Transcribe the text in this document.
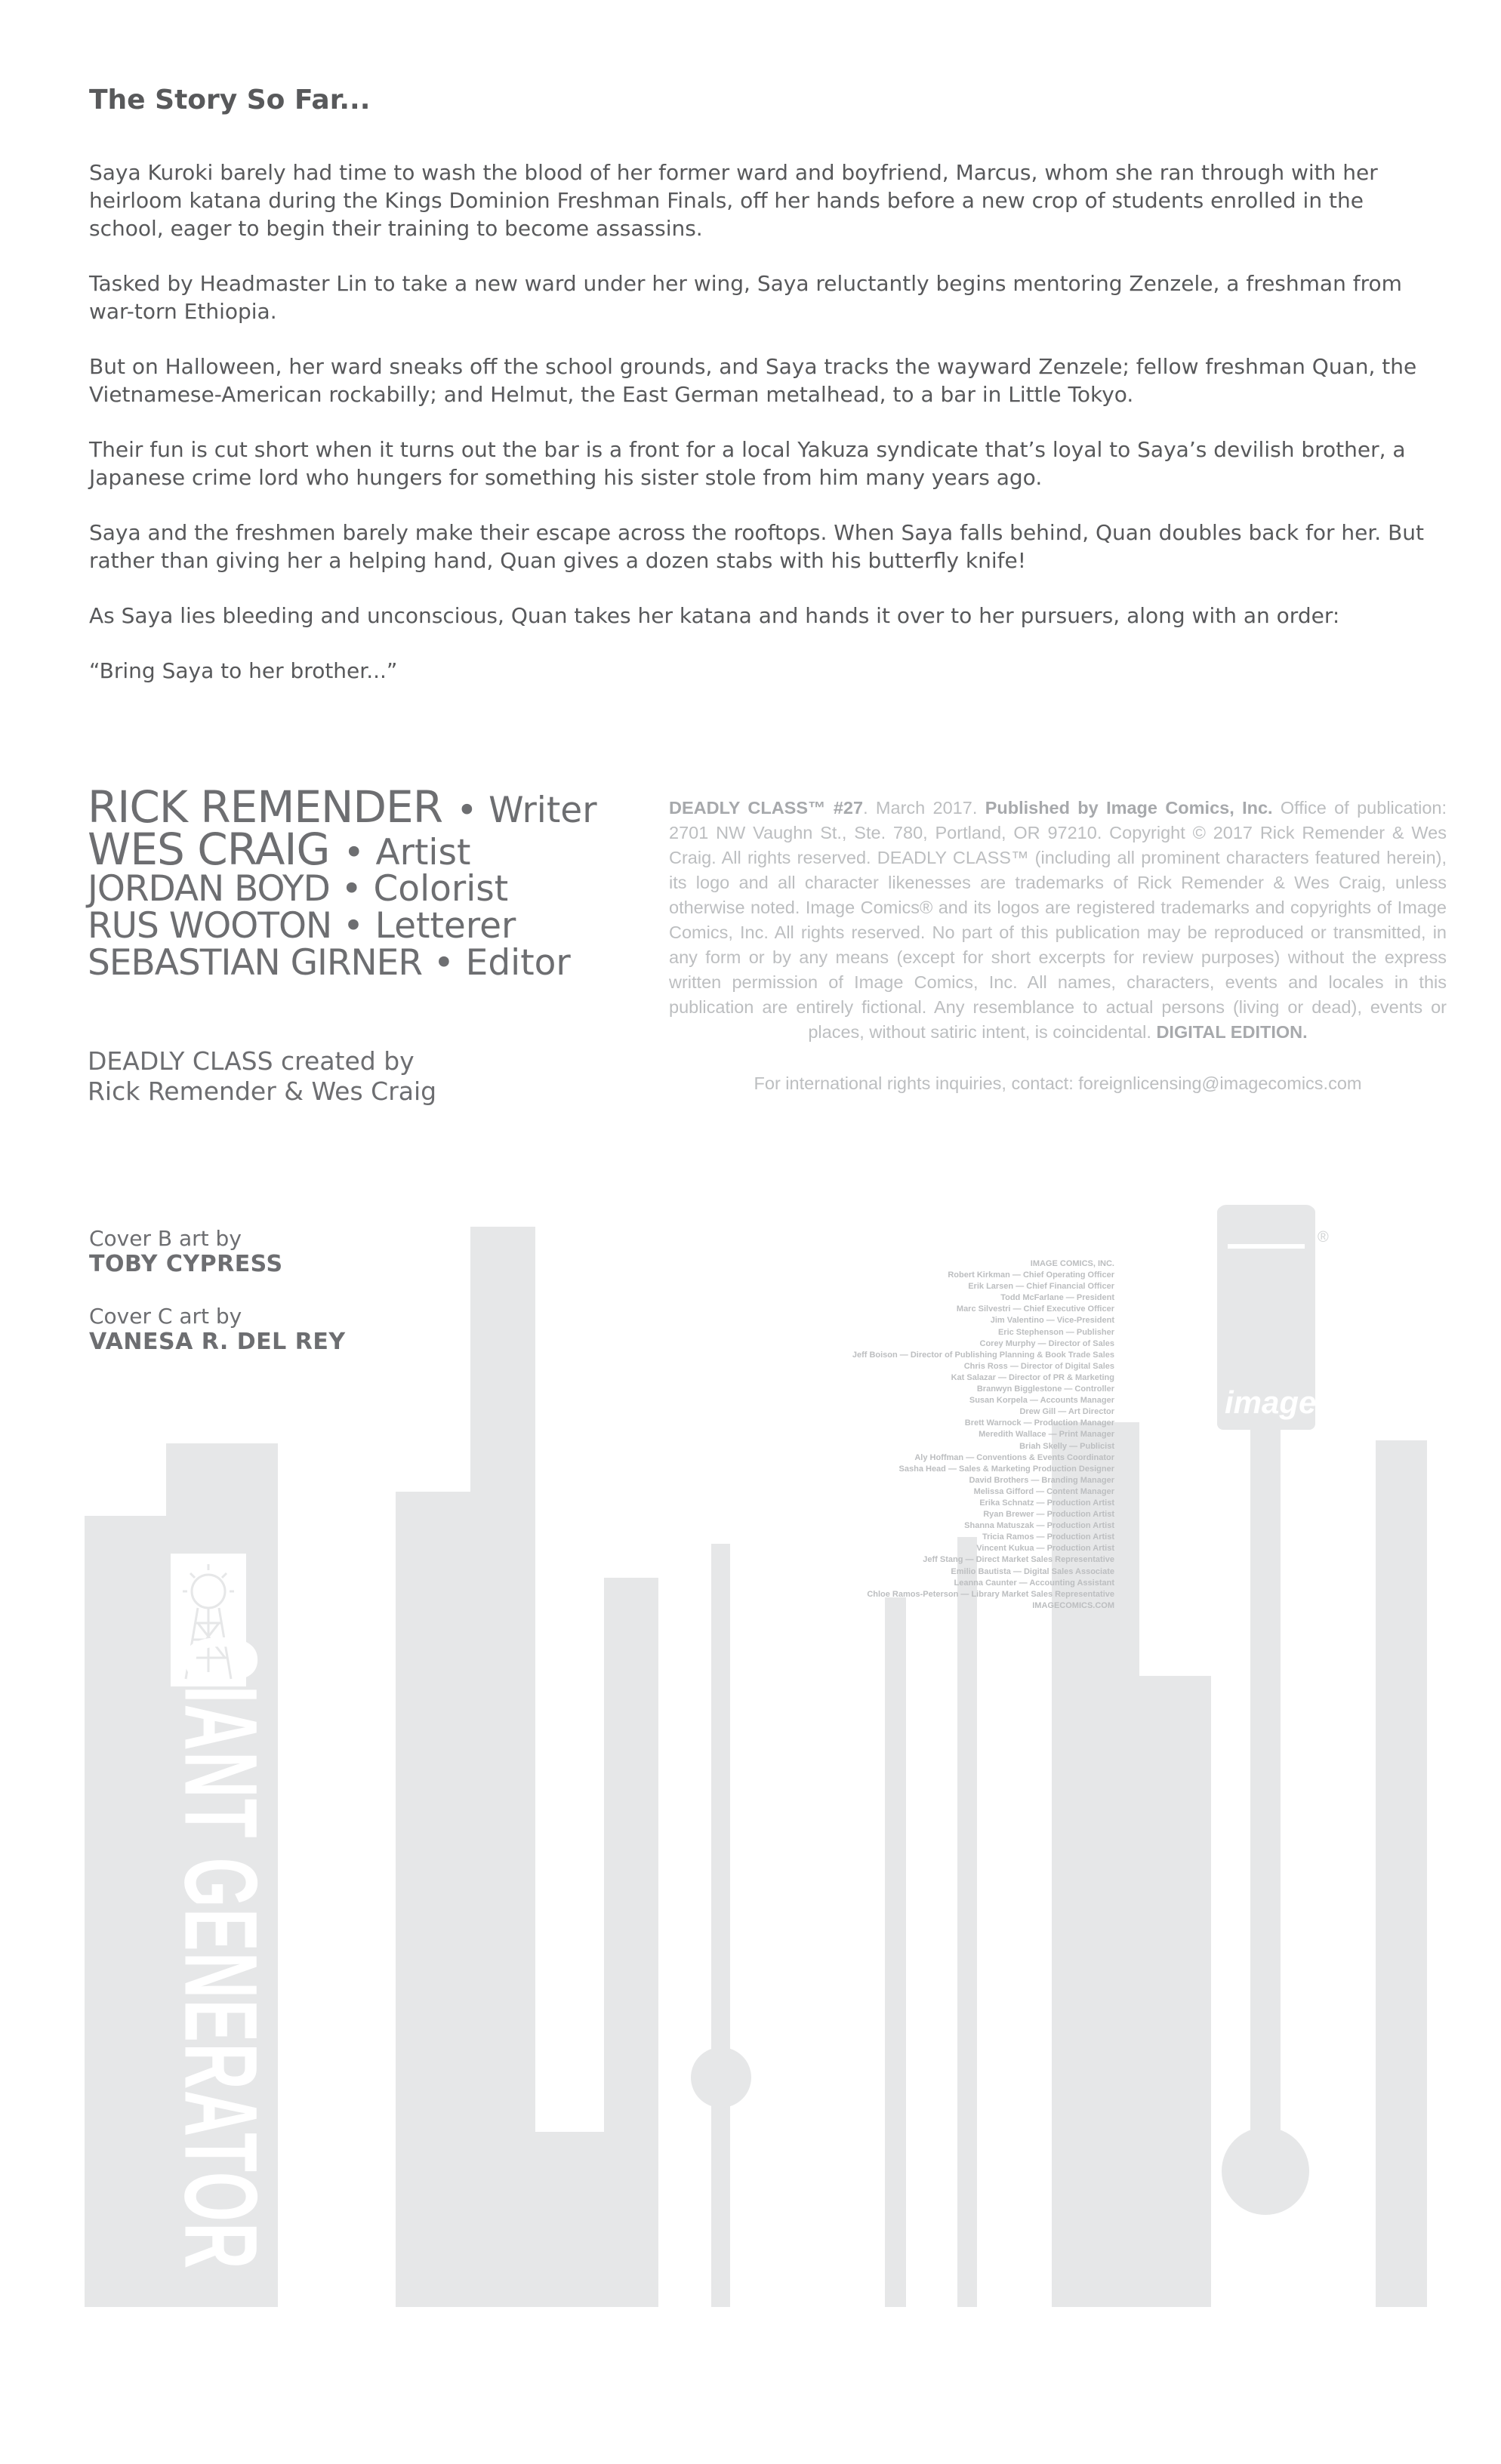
GIANT GENERATOR
image
®
The Story So Far...

Saya Kuroki barely had time to wash the blood of her former ward and boyfriend, Marcus, whom she ran through with her heirloom katana during the Kings Dominion Freshman Finals, off her hands before a new crop of students enrolled in the school, eager to begin their training to become assassins.

Tasked by Headmaster Lin to take a new ward under her wing, Saya reluctantly begins mentoring Zenzele, a freshman from war-torn Ethiopia.

But on Halloween, her ward sneaks off the school grounds, and Saya tracks the wayward Zenzele; fellow freshman Quan, the Vietnamese-American rockabilly; and Helmut, the East German metalhead, to a bar in Little Tokyo.

Their fun is cut short when it turns out the bar is a front for a local Yakuza syndicate that’s loyal to Saya’s devilish brother, a Japanese crime lord who hungers for something his sister stole from him many years ago.

Saya and the freshmen barely make their escape across the rooftops. When Saya falls behind, Quan doubles back for her. But rather than giving her a helping hand, Quan gives a dozen stabs with his butterfly knife!

As Saya lies bleeding and unconscious, Quan takes her katana and hands it over to her pursuers, along with an order:

“Bring Saya to her brother...”

RICK REMENDER • Writer
WES CRAIG • Artist
JORDAN BOYD • Colorist
RUS WOOTON • Letterer
SEBASTIAN GIRNER • Editor
DEADLY CLASS created by
Rick Remender & Wes Craig
DEADLY CLASS™ #27. March 2017. Published by Image Comics, Inc. Office of publication: 2701 NW Vaughn St., Ste. 780, Portland, OR 97210. Copyright © 2017 Rick Remender & Wes Craig. All rights reserved. DEADLY CLASS™ (including all prominent characters featured herein), its logo and all character likenesses are trademarks of Rick Remender & Wes Craig, unless otherwise noted. Image Comics® and its logos are registered trademarks and copyrights of Image Comics, Inc. All rights reserved. No part of this publication may be reproduced or transmitted, in any form or by any means (except for short excerpts for review purposes) without the express written permission of Image Comics, Inc. All names, characters, events and locales in this publication are entirely fictional. Any resemblance to actual persons (living or dead), events or places, without satiric intent, is coincidental. DIGITAL EDITION.
For international rights inquiries, contact: foreignlicensing@imagecomics.com
Cover B art by
TOBY CYPRESS
Cover C art by
VANESA R. DEL REY
IMAGE COMICS, INC.
Robert Kirkman — Chief Operating Officer
Erik Larsen — Chief Financial Officer
Todd McFarlane — President
Marc Silvestri — Chief Executive Officer
Jim Valentino — Vice-President
Eric Stephenson — Publisher
Corey Murphy — Director of Sales
Jeff Boison — Director of Publishing Planning & Book Trade Sales
Chris Ross — Director of Digital Sales
Kat Salazar — Director of PR & Marketing
Branwyn Bigglestone — Controller
Susan Korpela — Accounts Manager
Drew Gill — Art Director
Brett Warnock — Production Manager
Meredith Wallace — Print Manager
Briah Skelly — Publicist
Aly Hoffman — Conventions & Events Coordinator
Sasha Head — Sales & Marketing Production Designer
David Brothers — Branding Manager
Melissa Gifford — Content Manager
Erika Schnatz — Production Artist
Ryan Brewer — Production Artist
Shanna Matuszak — Production Artist
Tricia Ramos — Production Artist
Vincent Kukua — Production Artist
Jeff Stang — Direct Market Sales Representative
Emilio Bautista — Digital Sales Associate
Leanna Caunter — Accounting Assistant
Chloe Ramos-Peterson — Library Market Sales Representative
IMAGECOMICS.COM
